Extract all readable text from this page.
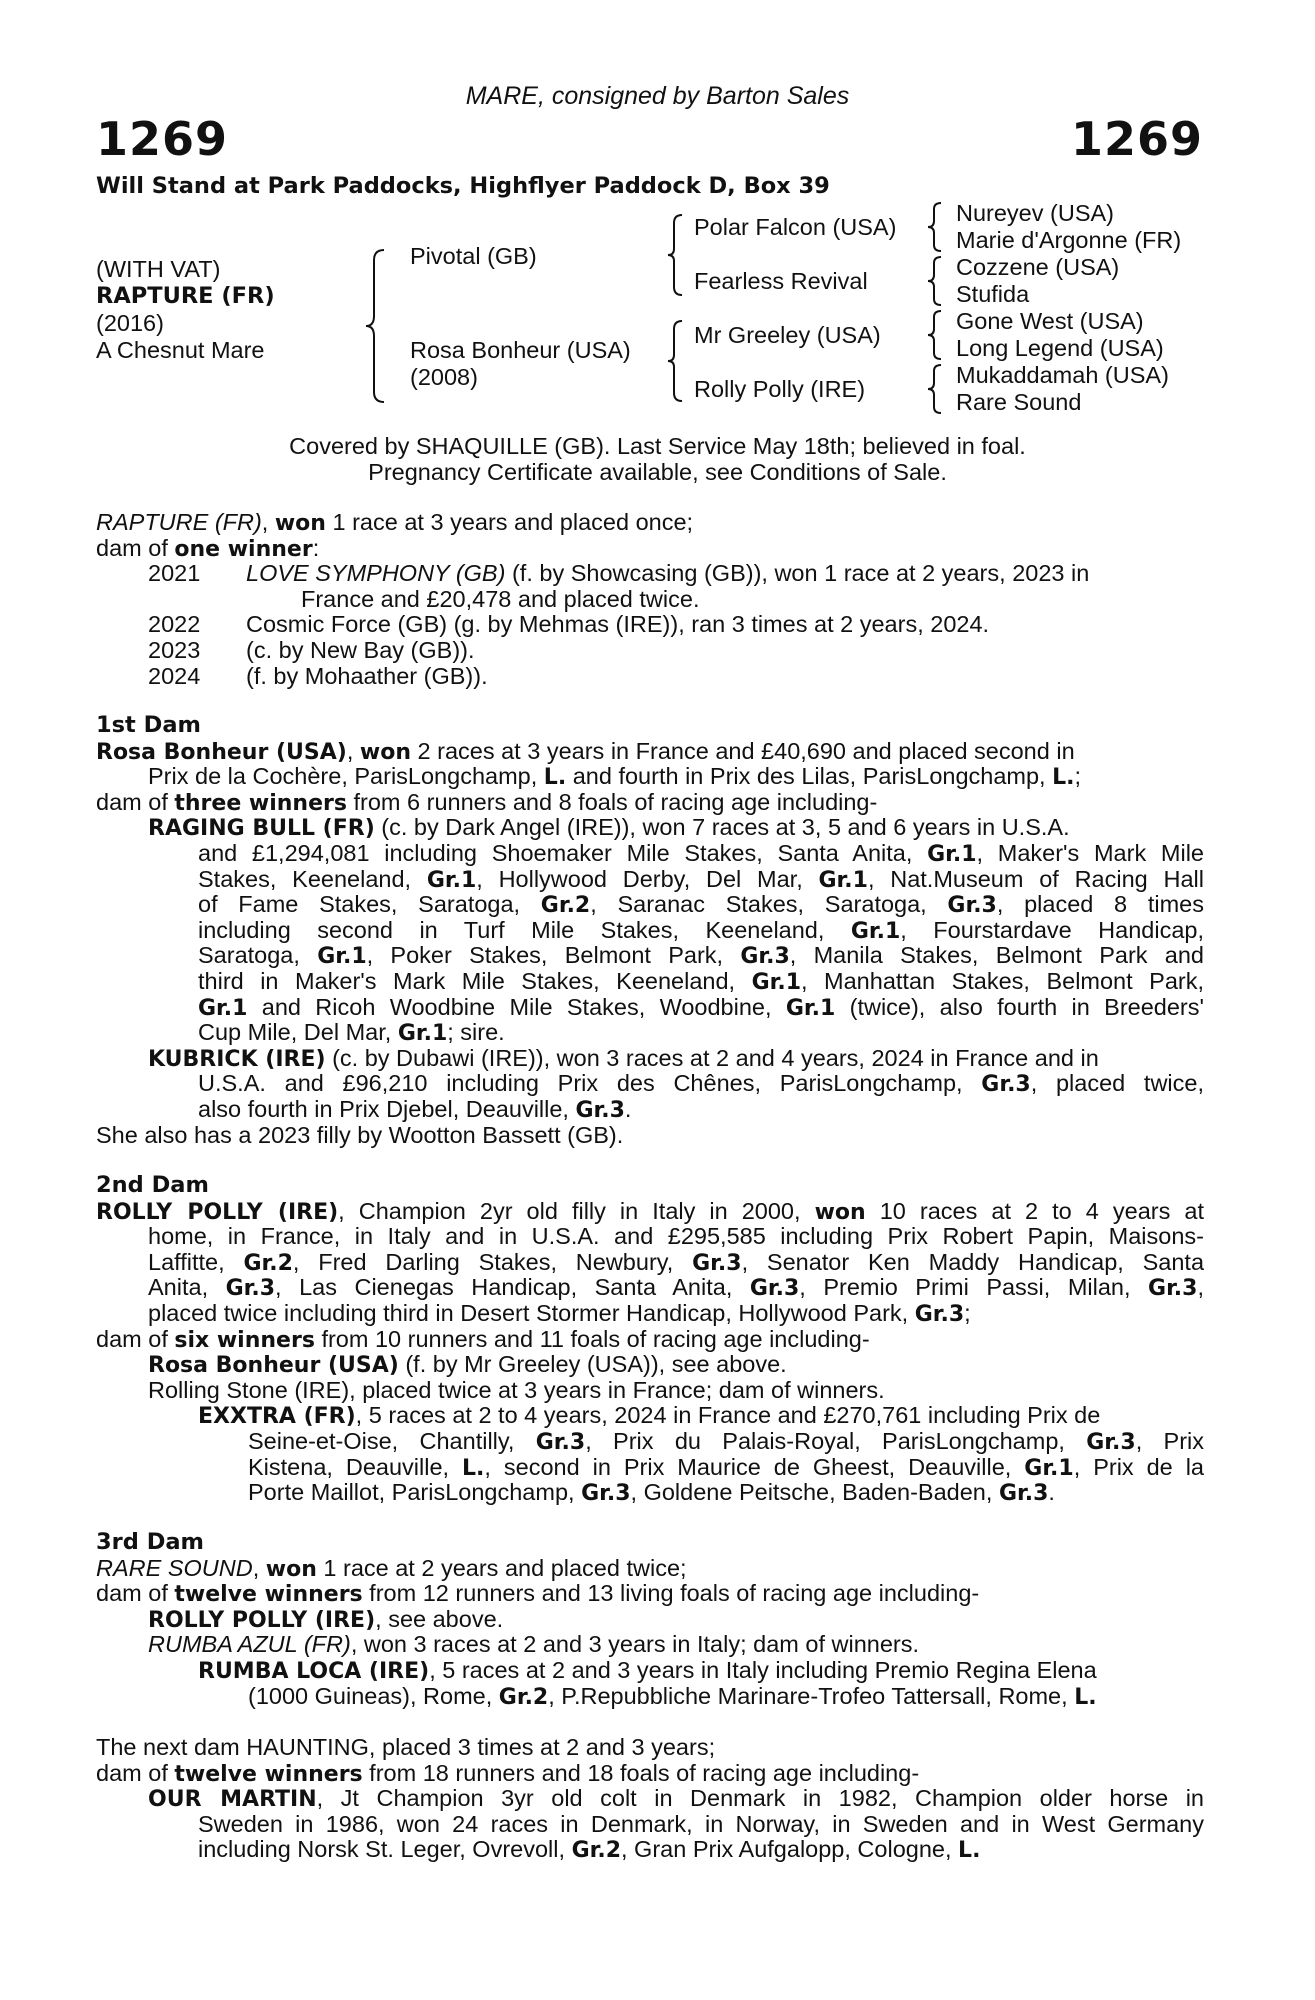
MARE, consigned by Barton Sales
1269	1269
Will Stand at Park Paddocks, Highflyer Paddock D, Box 39
(WITH VAT)
RAPTURE (FR)
(2016)
A Chesnut Mare
Pivotal (GB)
Rosa Bonheur (USA)
(2008)
Polar Falcon (USA)
Fearless Revival
Mr Greeley (USA)
Rolly Polly (IRE)
Nureyev (USA)
Marie d'Argonne (FR)
Cozzene (USA)
Stufida
Gone West (USA)
Long Legend (USA)
Mukaddamah (USA)
Rare Sound
Covered by SHAQUILLE (GB). Last Service May 18th; believed in foal.
Pregnancy Certificate available, see Conditions of Sale.
RAPTURE (FR), won 1 race at 3 years and placed once;
dam of one winner:
2021 LOVE SYMPHONY (GB) (f. by Showcasing (GB)), won 1 race at 2 years, 2023 in
France and £20,478 and placed twice.
2022 Cosmic Force (GB) (g. by Mehmas (IRE)), ran 3 times at 2 years, 2024.
2023 (c. by New Bay (GB)).
2024 (f. by Mohaather (GB)).
1st Dam
Rosa Bonheur (USA), won 2 races at 3 years in France and £40,690 and placed second in
Prix de la Cochère, ParisLongchamp, L. and fourth in Prix des Lilas, ParisLongchamp, L.;
dam of three winners from 6 runners and 8 foals of racing age including-
RAGING BULL (FR) (c. by Dark Angel (IRE)), won 7 races at 3, 5 and 6 years in U.S.A.
and £1,294,081 including Shoemaker Mile Stakes, Santa Anita, Gr.1, Maker's Mark Mile
Stakes, Keeneland, Gr.1, Hollywood Derby, Del Mar, Gr.1, Nat.Museum of Racing Hall
of Fame Stakes, Saratoga, Gr.2, Saranac Stakes, Saratoga, Gr.3, placed 8 times
including second in Turf Mile Stakes, Keeneland, Gr.1, Fourstardave Handicap,
Saratoga, Gr.1, Poker Stakes, Belmont Park, Gr.3, Manila Stakes, Belmont Park and
third in Maker's Mark Mile Stakes, Keeneland, Gr.1, Manhattan Stakes, Belmont Park,
Gr.1 and Ricoh Woodbine Mile Stakes, Woodbine, Gr.1 (twice), also fourth in Breeders'
Cup Mile, Del Mar, Gr.1; sire.
KUBRICK (IRE) (c. by Dubawi (IRE)), won 3 races at 2 and 4 years, 2024 in France and in
U.S.A. and £96,210 including Prix des Chênes, ParisLongchamp, Gr.3, placed twice,
also fourth in Prix Djebel, Deauville, Gr.3.
She also has a 2023 filly by Wootton Bassett (GB).
2nd Dam
ROLLY POLLY (IRE), Champion 2yr old filly in Italy in 2000, won 10 races at 2 to 4 years at
home, in France, in Italy and in U.S.A. and £295,585 including Prix Robert Papin, Maisons-
Laffitte, Gr.2, Fred Darling Stakes, Newbury, Gr.3, Senator Ken Maddy Handicap, Santa
Anita, Gr.3, Las Cienegas Handicap, Santa Anita, Gr.3, Premio Primi Passi, Milan, Gr.3,
placed twice including third in Desert Stormer Handicap, Hollywood Park, Gr.3;
dam of six winners from 10 runners and 11 foals of racing age including-
Rosa Bonheur (USA) (f. by Mr Greeley (USA)), see above.
Rolling Stone (IRE), placed twice at 3 years in France; dam of winners.
EXXTRA (FR), 5 races at 2 to 4 years, 2024 in France and £270,761 including Prix de
Seine-et-Oise, Chantilly, Gr.3, Prix du Palais-Royal, ParisLongchamp, Gr.3, Prix
Kistena, Deauville, L., second in Prix Maurice de Gheest, Deauville, Gr.1, Prix de la
Porte Maillot, ParisLongchamp, Gr.3, Goldene Peitsche, Baden-Baden, Gr.3.
3rd Dam
RARE SOUND, won 1 race at 2 years and placed twice;
dam of twelve winners from 12 runners and 13 living foals of racing age including-
ROLLY POLLY (IRE), see above.
RUMBA AZUL (FR), won 3 races at 2 and 3 years in Italy; dam of winners.
RUMBA LOCA (IRE), 5 races at 2 and 3 years in Italy including Premio Regina Elena
(1000 Guineas), Rome, Gr.2, P.Repubbliche Marinare-Trofeo Tattersall, Rome, L.
The next dam HAUNTING, placed 3 times at 2 and 3 years;
dam of twelve winners from 18 runners and 18 foals of racing age including-
OUR MARTIN, Jt Champion 3yr old colt in Denmark in 1982, Champion older horse in
Sweden in 1986, won 24 races in Denmark, in Norway, in Sweden and in West Germany
including Norsk St. Leger, Ovrevoll, Gr.2, Gran Prix Aufgalopp, Cologne, L.
